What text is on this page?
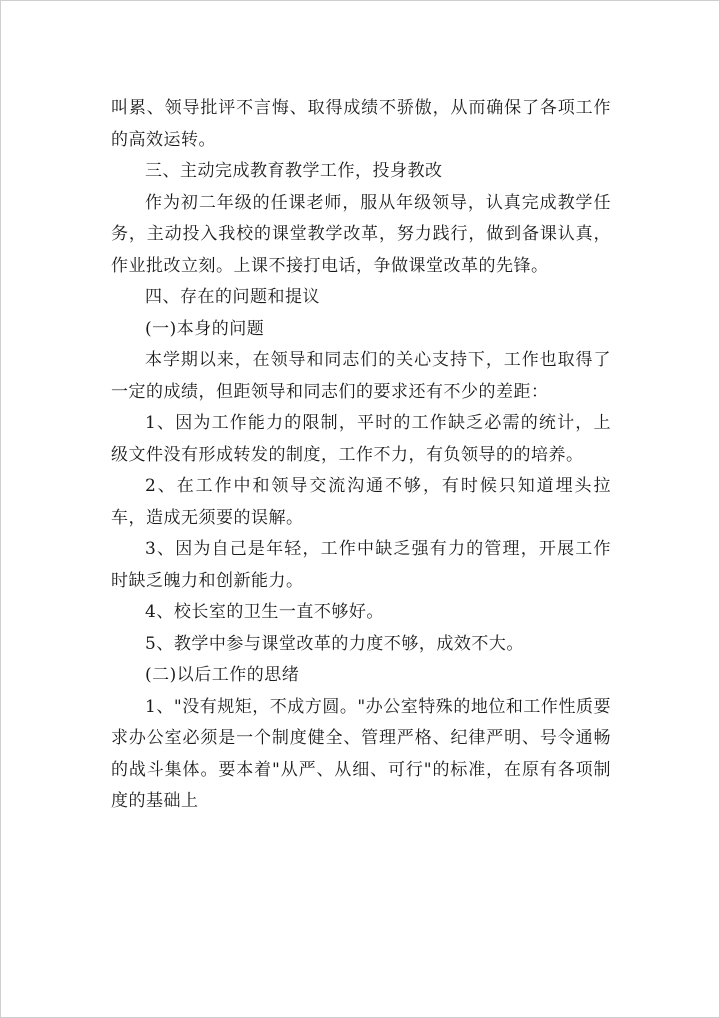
叫累、领导批评不言悔、取得成绩不骄傲，从而确保了各项工作的高效运转。

三、主动完成教育教学工作，投身教改

作为初二年级的任课老师，服从年级领导，认真完成教学任务，主动投入我校的课堂教学改革，努力践行，做到备课认真，作业批改立刻。上课不接打电话，争做课堂改革的先锋。

四、存在的问题和提议

(一)本身的问题

本学期以来，在领导和同志们的关心支持下，工作也取得了一定的成绩，但距领导和同志们的要求还有不少的差距：

1、因为工作能力的限制，平时的工作缺乏必需的统计，上级文件没有形成转发的制度，工作不力，有负领导的的培养。

2、在工作中和领导交流沟通不够，有时候只知道埋头拉车，造成无须要的误解。

3、因为自己是年轻，工作中缺乏强有力的管理，开展工作时缺乏魄力和创新能力。

4、校长室的卫生一直不够好。

5、教学中参与课堂改革的力度不够，成效不大。

(二)以后工作的思绪

1、"没有规矩，不成方圆。"办公室特殊的地位和工作性质要求办公室必须是一个制度健全、管理严格、纪律严明、号令通畅的战斗集体。要本着"从严、从细、可行"的标准，在原有各项制度的基础上
